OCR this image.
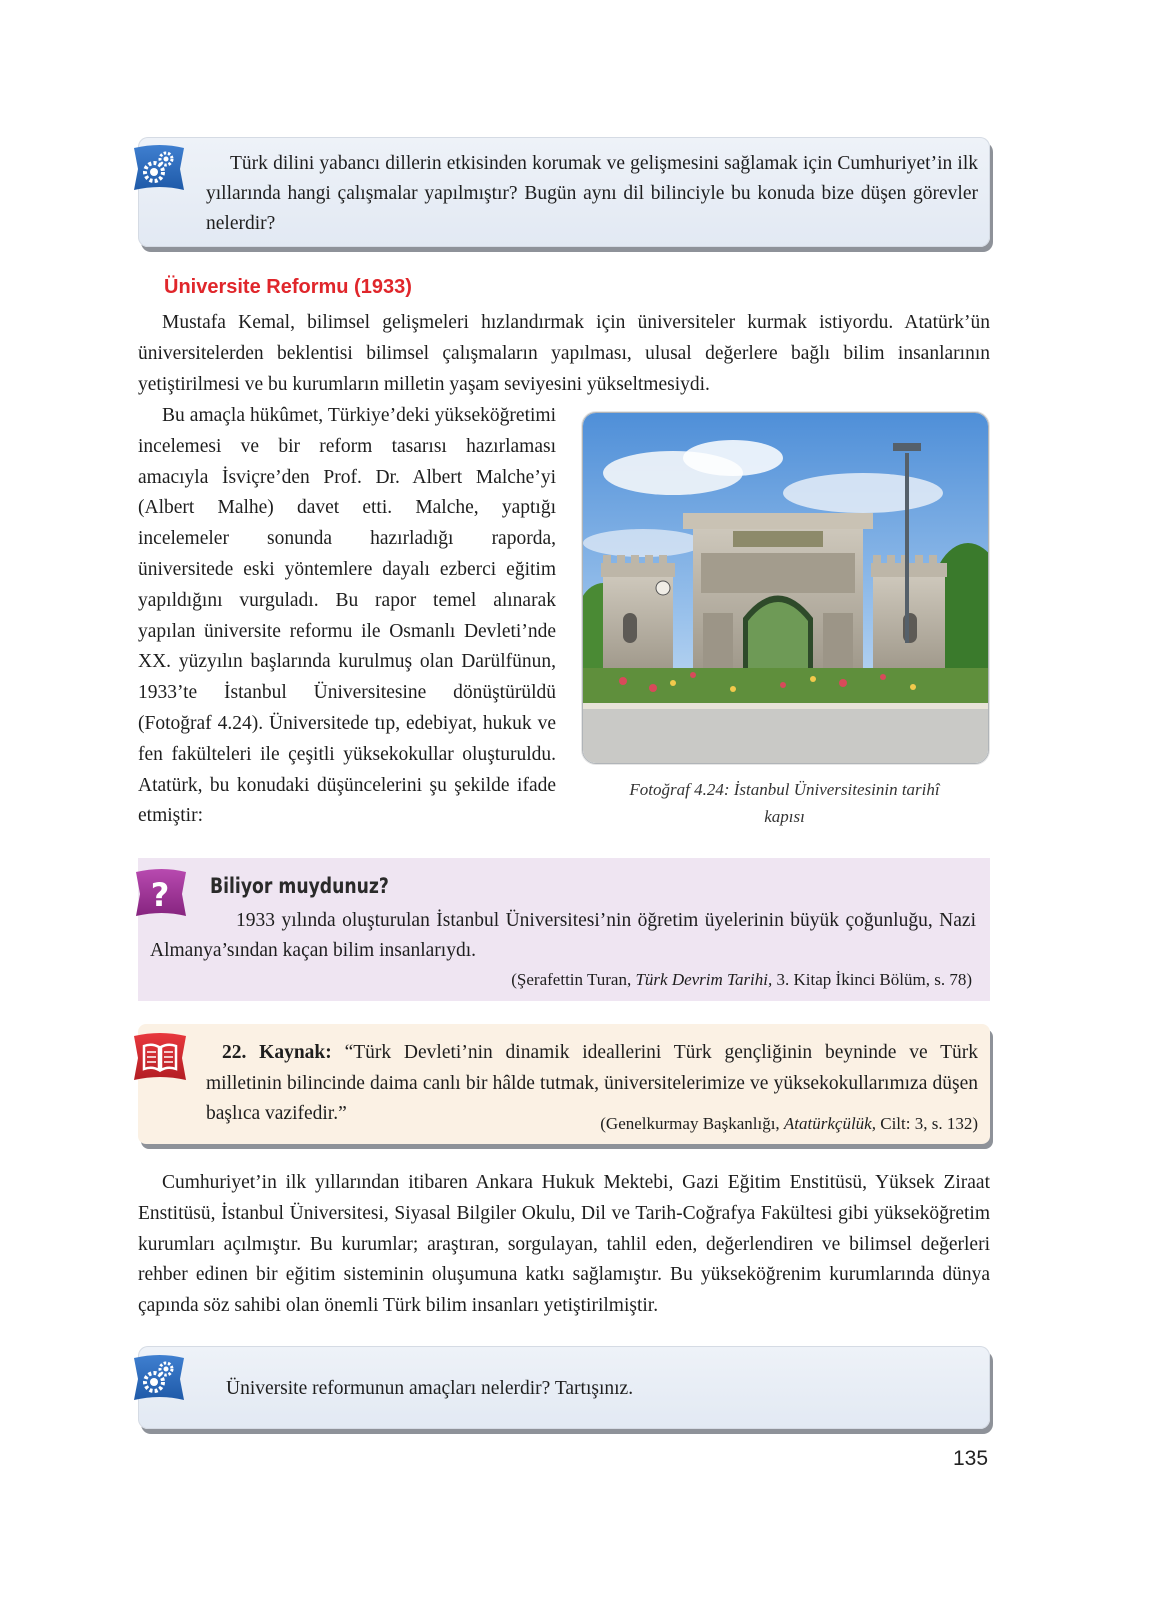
Türk dilini yabancı dillerin etkisinden korumak ve gelişmesini sağlamak için Cumhuriyet’in ilk yıllarında hangi çalışmalar yapılmıştır? Bugün aynı dil bilinciyle bu konuda bize düşen görevler nelerdir?
Üniversite Reformu (1933)
Mustafa Kemal, bilimsel gelişmeleri hızlandırmak için üniversiteler kurmak istiyordu. Atatürk’ün üniversitelerden beklentisi bilimsel çalışmaların yapılması, ulusal değerlere bağlı bilim insanlarının yetiştirilmesi ve bu kurumların milletin yaşam seviyesini yükseltmesiydi.
Bu amaçla hükûmet, Türkiye’deki yükseköğretimi incelemesi ve bir reform tasarısı hazırlaması amacıyla İsviçre’den Prof. Dr. Albert Malche’yi (Albert Malhe) davet etti. Malche, yaptığı incelemeler sonunda hazırladığı raporda, üniversitede eski yöntemlere dayalı ezberci eğitim yapıldığını vurguladı. Bu rapor temel alınarak yapılan üniversite reformu ile Osmanlı Devleti’nde XX. yüzyılın başlarında kurulmuş olan Darülfünun, 1933’te İstanbul Üniversitesine dönüştürüldü (Fotoğraf 4.24). Üniversitede tıp, edebiyat, hukuk ve fen fakülteleri ile çeşitli yüksekokullar oluşturuldu. Atatürk, bu konudaki düşüncelerini şu şekilde ifade etmiştir:
Fotoğraf 4.24: İstanbul Üniversitesinin tarihî
kapısı
Biliyor muydunuz?
1933 yılında oluşturulan İstanbul Üniversitesi’nin öğretim üyelerinin büyük çoğunluğu, Nazi Almanya’sından kaçan bilim insanlarıydı.
(Şerafettin Turan, Türk Devrim Tarihi, 3. Kitap İkinci Bölüm, s. 78)
?
22. Kaynak: “Türk Devleti’nin dinamik ideallerini Türk gençliğinin beyninde ve Türk milletinin bilincinde daima canlı bir hâlde tutmak, üniversitelerimize ve yüksekokullarımıza düşen başlıca vazifedir.”	(Genelkurmay Başkanlığı, Atatürkçülük, Cilt: 3, s. 132)
Cumhuriyet’in ilk yıllarından itibaren Ankara Hukuk Mektebi, Gazi Eğitim Enstitüsü, Yüksek Ziraat Enstitüsü, İstanbul Üniversitesi, Siyasal Bilgiler Okulu, Dil ve Tarih-Coğrafya Fakültesi gibi yükseköğretim kurumları açılmıştır. Bu kurumlar; araştıran, sorgulayan, tahlil eden, değerlendiren ve bilimsel değerleri rehber edinen bir eğitim sisteminin oluşumuna katkı sağlamıştır. Bu yükseköğrenim kurumlarında dünya çapında söz sahibi olan önemli Türk bilim insanları yetiştirilmiştir.
Üniversite reformunun amaçları nelerdir? Tartışınız.
135
